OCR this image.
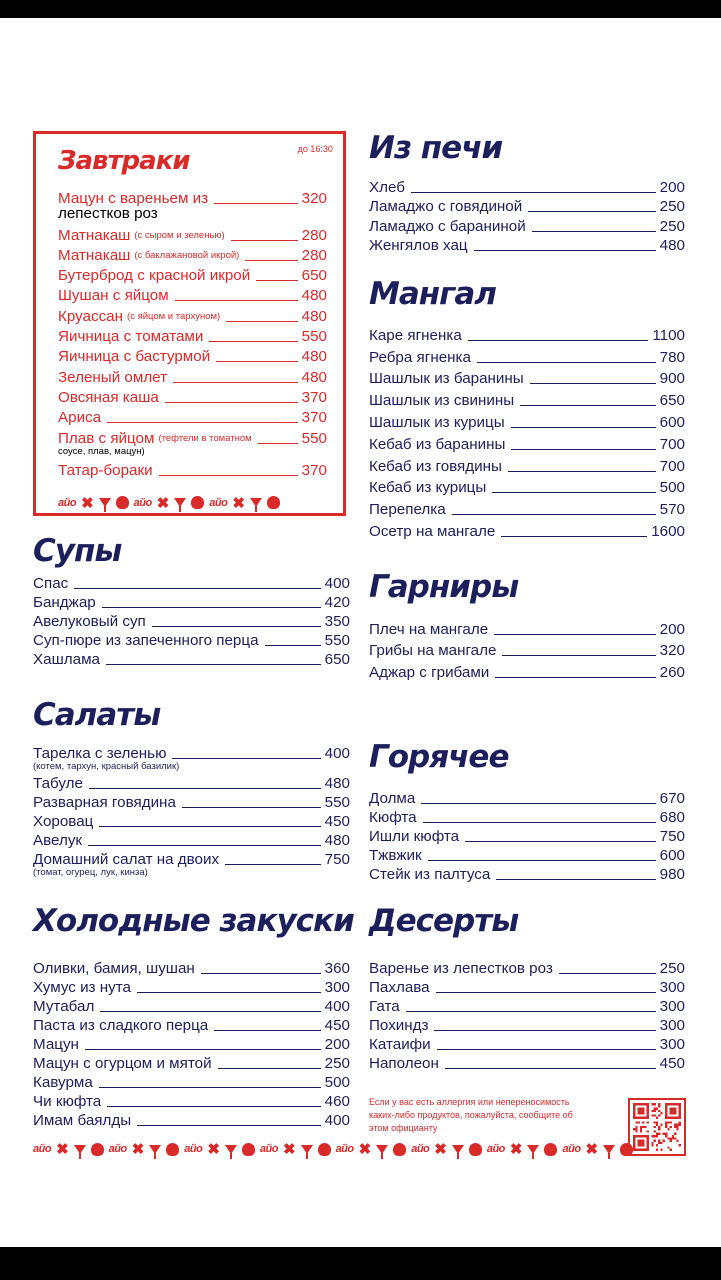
Завтраки	$^{до 16:30}$
Мацун с вареньем из	320
лепестков роз
Матнакаш (с сыром и зеленью)	280
Матнакаш (с баклажановой икрой)	280
Бутерброд с красной икрой	650
Шушан с яйцом	480
Круассан (с яйцом и тархуном)	480
Яичница с томатами	550
Яичница с бастурмой	480
Зеленый омлет	480
Овсяная каша	370
Ариса	370
Плав с яйцом (тефтели в томатном	550
соусе, плав, мацун)
Татар-бораки	370
айо ✖	айо ✖	айо ✖
Супы
Спас	400
Банджар	420
Авелуковый суп	350
Суп-пюре из запеченного перца	550
Хашлама	650
Салаты
Тарелка с зеленью	400
(котем, тархун, красный базилик)
Табуле	480
Разварная говядина	550
Хоровац	450
Авелук	480
Домашний салат на двоих	750
(томат, огурец, лук, кинза)
Холодные закуски
Оливки, бамия, шушан	360
Хумус из нута	300
Мутабал	400
Паста из сладкого перца	450
Мацун	200
Мацун с огурцом и мятой	250
Кавурма	500
Чи кюфта	460
Имам баялды	400
Из печи
Хлеб	200
Ламаджо с говядиной	250
Ламаджо с бараниной	250
Женгялов хац	480
Мангал
Каре ягненка	1100
Ребра ягненка	780
Шашлык из баранины	900
Шашлык из свинины	650
Шашлык из курицы	600
Кебаб из баранины	700
Кебаб из говядины	700
Кебаб из курицы	500
Перепелка	570
Осетр на мангале	1600
Гарниры
Плеч на мангале	200
Грибы на мангале	320
Аджар с грибами	260
Горячее
Долма	670
Кюфта	680
Ишли кюфта	750
Тжвжик	600
Стейк из палтуса	980
Десерты
Варенье из лепестков роз	250
Пахлава	300
Гата	300
Похиндз	300
Катаифи	300
Наполеон	450
Если у вас есть аллергия или непереносимость каких-либо продуктов, пожалуйста, сообщите об этом официанту
айо ✖	айо ✖	айо ✖	айо ✖	айо ✖	айо ✖	айо ✖	айо ✖
